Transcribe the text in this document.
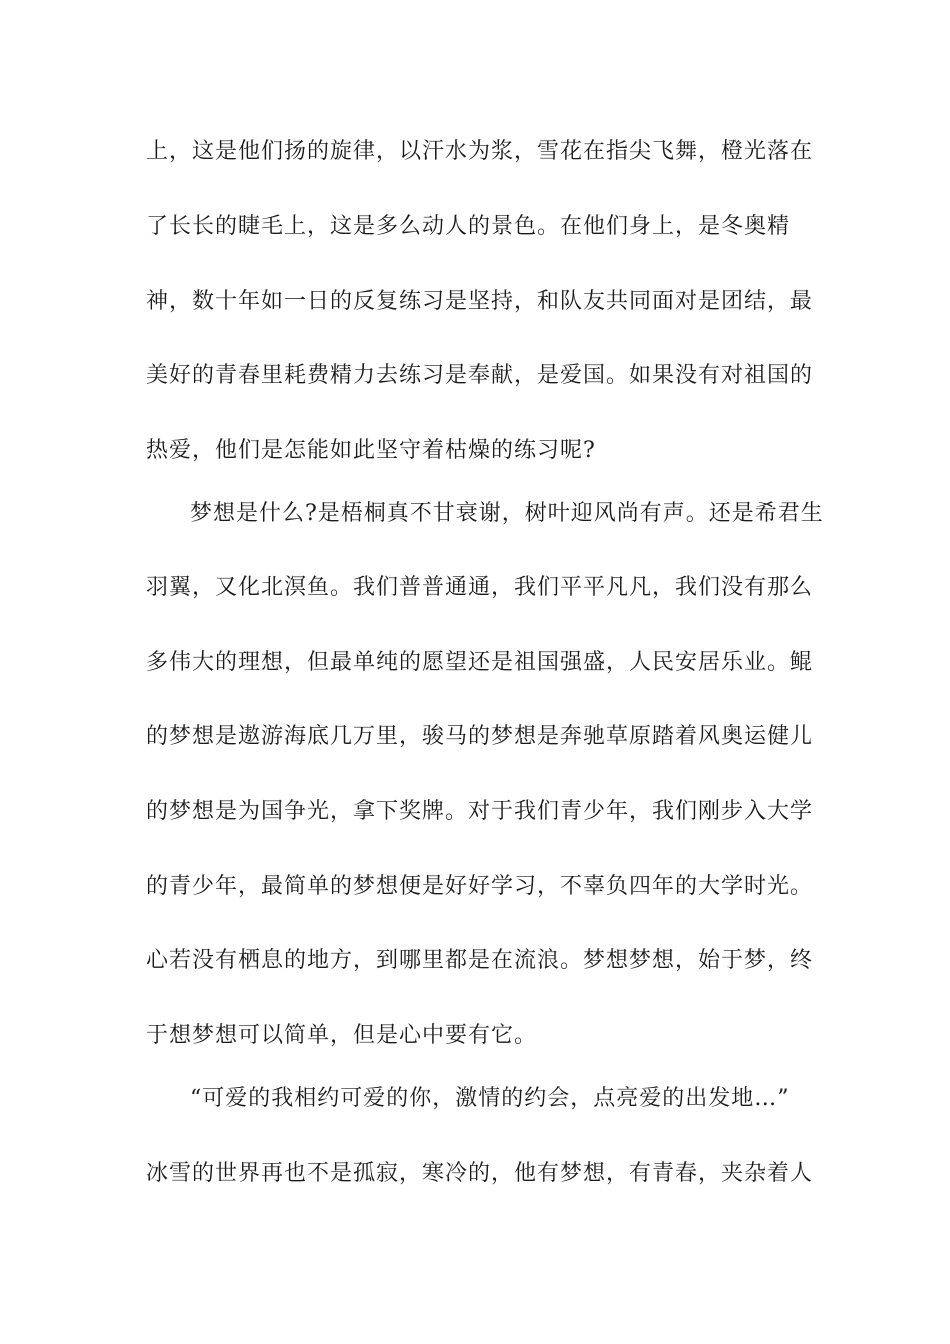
上，这是他们扬的旋律，以汗水为浆，雪花在指尖飞舞，橙光落在
了长长的睫毛上，这是多么动人的景色。在他们身上，是冬奥精
神，数十年如一日的反复练习是坚持，和队友共同面对是团结，最
美好的青春里耗费精力去练习是奉献，是爱国。如果没有对祖国的
热爱，他们是怎能如此坚守着枯燥的练习呢?
梦想是什么?是梧桐真不甘衰谢，树叶迎风尚有声。还是希君生
羽翼，又化北溟鱼。我们普普通通，我们平平凡凡，我们没有那么
多伟大的理想，但最单纯的愿望还是祖国强盛，人民安居乐业。鲲
的梦想是遨游海底几万里，骏马的梦想是奔驰草原踏着风奥运健儿
的梦想是为国争光，拿下奖牌。对于我们青少年，我们刚步入大学
的青少年，最简单的梦想便是好好学习，不辜负四年的大学时光。
心若没有栖息的地方，到哪里都是在流浪。梦想梦想，始于梦，终
于想梦想可以简单，但是心中要有它。
“可爱的我相约可爱的你，激情的约会，点亮爱的出发地…”
冰雪的世界再也不是孤寂，寒冷的，他有梦想，有青春，夹杂着人
